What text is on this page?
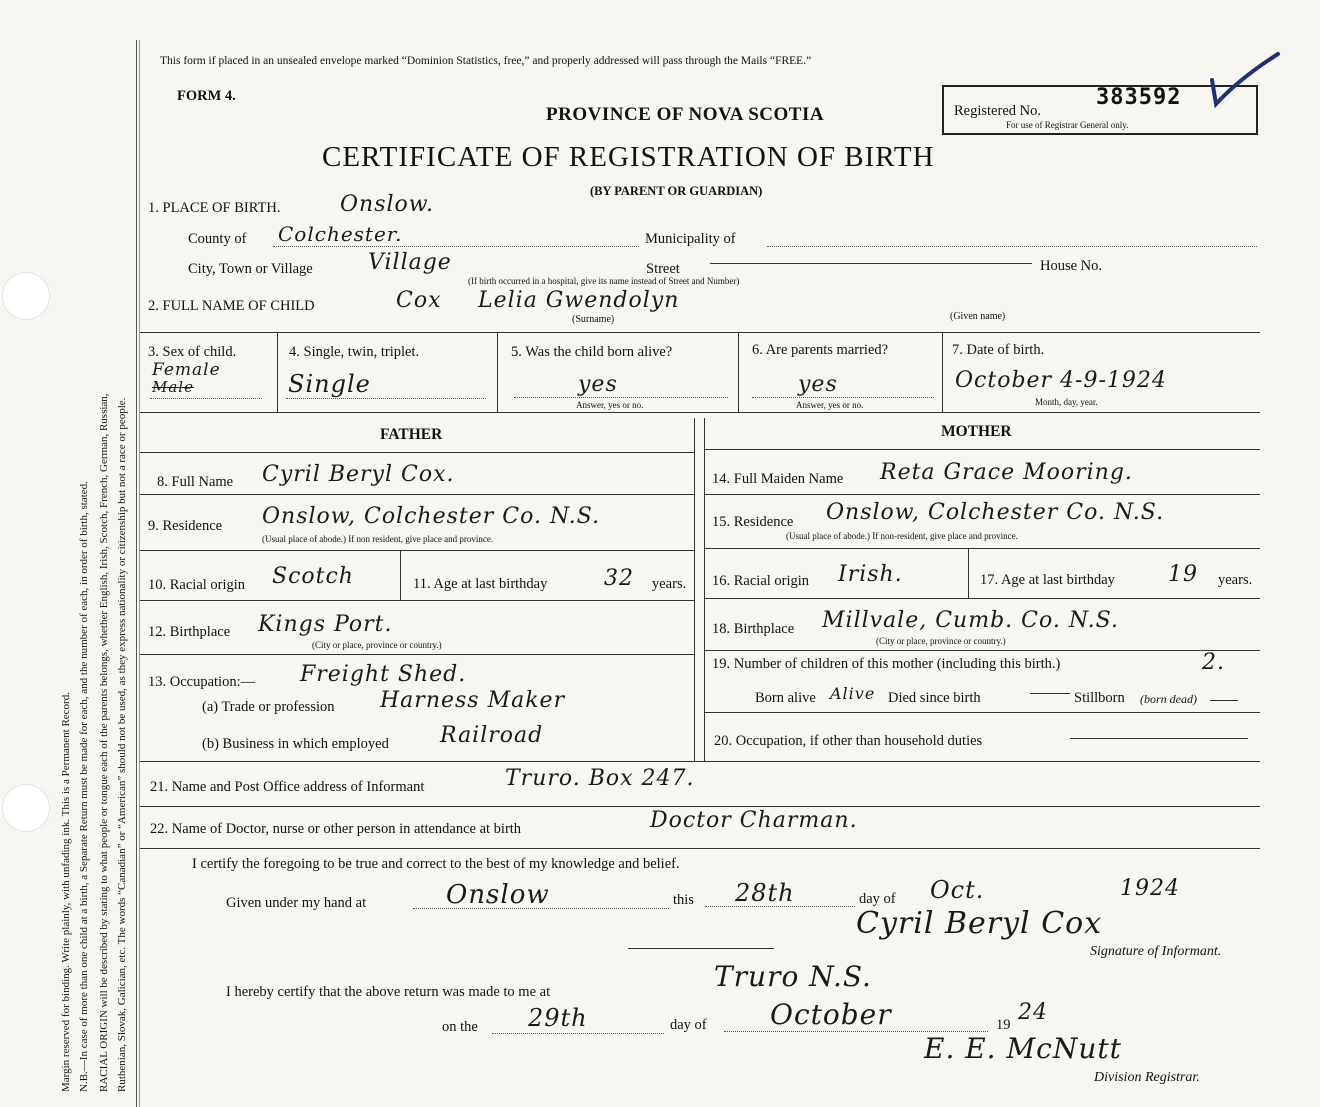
Margin reserved for binding. Write plainly, with unfading ink. This is a Permanent Record. N.B.—In case of more than one child at a birth, a Separate Return must be made for each, and the number of each, in order of birth, stated. RACIAL ORIGIN will be described by stating to what people or tongue each of the parents belongs, whether English, Irish, Scotch, French, German, Russian, Ruthenian, Slovak, Galician, etc. The words “Canadian” or “American” should not be used, as they express nationality or citizenship but not a race or people.
This form if placed in an unsealed envelope marked “Dominion Statistics, free,” and properly addressed will pass through the Mails “FREE.”
FORM 4.
PROVINCE OF NOVA SCOTIA	Registered No.
383592
For use of Registrar General only.
CERTIFICATE OF REGISTRATION OF BIRTH
(BY PARENT OR GUARDIAN)
1. PLACE OF BIRTH.	Onslow.
County of Colchester.	Municipality of
City, Town or Village	Village
(If birth occurred in a hospital, give its name instead of Street and Number)
Street	House No.
2. FULL NAME OF CHILD	Cox Lelia Gwendolyn
(Surname)	(Given name)
3. Sex of child.
Female
Male
4. Single, twin, triplet.
Single
5. Was the child born alive?
yes
Answer, yes or no.
6. Are parents married?
yes
Answer, yes or no.
7. Date of birth.
October 4-9-1924
Month, day, year.
FATHER	MOTHER
8. Full Name Cyril Beryl Cox.
9. Residence Onslow, Colchester Co. N.S.
(Usual place of abode.) If non resident, give place and province.
10. Racial origin Scotch	11. Age at last birthday	32 years.
12. Birthplace Kings Port.
(City or place, province or country.)
13. Occupation:— Freight Shed.
(a) Trade or profession Harness Maker
(b) Business in which employed Railroad
14. Full Maiden Name Reta Grace Mooring.
15. Residence Onslow, Colchester Co. N.S.
(Usual place of abode.) If non-resident, give place and province.
16. Racial origin Irish.	17. Age at last birthday 19 years.
18. Birthplace Millvale, Cumb. Co. N.S.
(City or place, province or country.)
19. Number of children of this mother (including this birth.)	2.
Born alive Alive Died since birth	Stillborn (born dead)
20. Occupation, if other than household duties
21. Name and Post Office address of Informant	Truro. Box 247.
22. Name of Doctor, nurse or other person in attendance at birth	Doctor Charman.
I certify the foregoing to be true and correct to the best of my knowledge and belief.
Given under my hand at	Onslow	this 28th	day of Oct.	1924
Cyril Beryl Cox
Signature of Informant.
I hereby certify that the above return was made to me at	Truro N.S.
on the 29th	day of October	19 24
E. E. McNutt
Division Registrar.
